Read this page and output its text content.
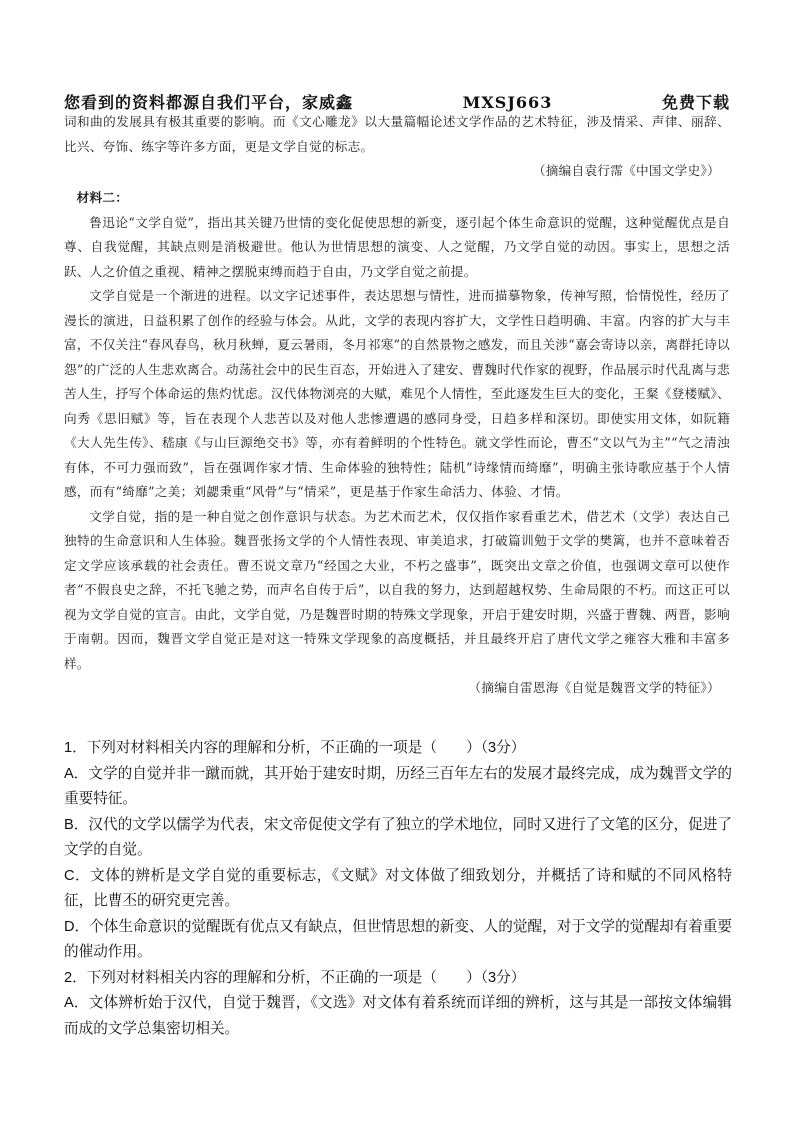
您看到的资料都源自我们平台，家威鑫	MXSJ663	免费下载

词和曲的发展具有极其重要的影响。而《文心雕龙》以大量篇幅论述文学作品的艺术特征，涉及情采、声律、丽辞、比兴、夸饰、练字等许多方面，更是文学自觉的标志。

（摘编自袁行霈《中国文学史》）

材料二：

鲁迅论“文学自觉”，指出其关键乃世情的变化促使思想的新变，逐引起个体生命意识的觉醒，这种觉醒优点是自尊、自我觉醒，其缺点则是消极避世。他认为世情思想的演变、人之觉醒，乃文学自觉的动因。事实上，思想之活跃、人之价值之重视、精神之摆脱束缚而趋于自由，乃文学自觉之前提。

文学自觉是一个渐进的进程。以文字记述事件，表达思想与情性，进而描摹物象，传神写照，恰情悦性，经历了漫长的演进，日益积累了创作的经验与体会。从此，文学的表现内容扩大，文学性日趋明确、丰富。内容的扩大与丰富，不仅关注“春风春鸟，秋月秋蝉，夏云暑雨，冬月祁寒”的自然景物之感发，而且关涉“嘉会寄诗以亲，离群托诗以怨”的广泛的人生悲欢离合。动荡社会中的民生百态，开始进入了建安、曹魏时代作家的视野，作品展示时代乱离与悲苦人生，抒写个体命运的焦灼忧虑。汉代体物浏亮的大赋，难见个人情性，至此逐发生巨大的变化，王粲《登楼赋》、向秀《思旧赋》等，旨在表现个人悲苦以及对他人悲惨遭遇的感同身受，日趋多样和深切。即使实用文体，如阮籍《大人先生传》、嵇康《与山巨源绝交书》等，亦有着鲜明的个性特色。就文学性而论，曹丕“文以气为主”“气之清浊有体，不可力强而致”，旨在强调作家才情、生命体验的独特性；陆机“诗缘情而绮靡”，明确主张诗歌应基于个人情感，而有“绮靡”之美；刘勰秉重“风骨”与“情采”，更是基于作家生命活力、体验、才情。

文学自觉，指的是一种自觉之创作意识与状态。为艺术而艺术，仅仅指作家看重艺术，借艺术（文学）表达自己独特的生命意识和人生体验。魏晋张扬文学的个人情性表现、审美追求，打破篇训勉于文学的樊篱，也并不意味着否定文学应该承载的社会责任。曹丕说文章乃“经国之大业，不朽之盛事”，既突出文章之价值，也强调文章可以使作者“不假良史之辞，不托飞驰之势，而声名自传于后”，以自我的努力，达到超越权势、生命局限的不朽。而这正可以视为文学自觉的宣言。由此，文学自觉，乃是魏晋时期的特殊文学现象，开启于建安时期，兴盛于曹魏、两晋，影响于南朝。因而，魏晋文学自觉正是对这一特殊文学现象的高度概括，并且最终开启了唐代文学之雍容大雅和丰富多样。

（摘编自雷恩海《自觉是魏晋文学的特征》）

1．下列对材料相关内容的理解和分析，不正确的一项是（　　）（3分）

A．文学的自觉并非一蹴而就，其开始于建安时期，历经三百年左右的发展才最终完成，成为魏晋文学的重要特征。

B．汉代的文学以儒学为代表，宋文帝促使文学有了独立的学术地位，同时又进行了文笔的区分，促进了文学的自觉。

C．文体的辨析是文学自觉的重要标志，《文赋》对文体做了细致划分，并概括了诗和赋的不同风格特征，比曹丕的研究更完善。

D．个体生命意识的觉醒既有优点又有缺点，但世情思想的新变、人的觉醒，对于文学的觉醒却有着重要的催动作用。

2．下列对材料相关内容的理解和分析，不正确的一项是（　　）（3分）

A．文体辨析始于汉代，自觉于魏晋，《文选》对文体有着系统而详细的辨析，这与其是一部按文体编辑而成的文学总集密切相关。
